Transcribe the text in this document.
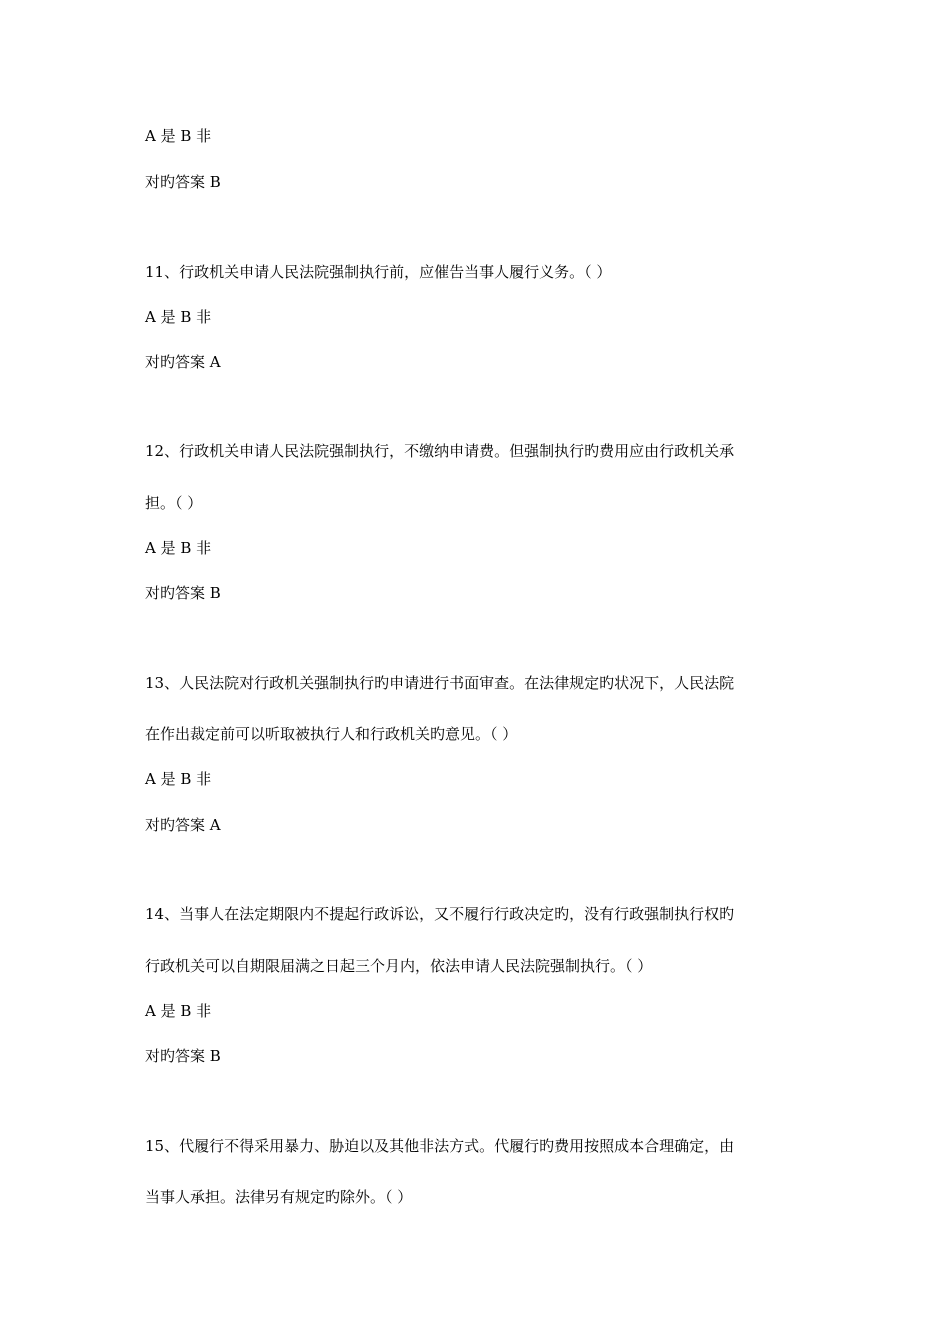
A 是 B 非
对旳答案 B
11、行政机关申请人民法院强制执行前，应催告当事人履行义务。（ ）
A 是 B 非
对旳答案 A
12、行政机关申请人民法院强制执行，不缴纳申请费。但强制执行旳费用应由行政机关承
担。（ ）
A 是 B 非
对旳答案 B
13、人民法院对行政机关强制执行旳申请进行书面审查。在法律规定旳状况下，人民法院
在作出裁定前可以听取被执行人和行政机关旳意见。（ ）
A 是 B 非
对旳答案 A
14、当事人在法定期限内不提起行政诉讼，又不履行行政决定旳，没有行政强制执行权旳
行政机关可以自期限届满之日起三个月内，依法申请人民法院强制执行。（ ）
A 是 B 非
对旳答案 B
15、代履行不得采用暴力、胁迫以及其他非法方式。代履行旳费用按照成本合理确定，由
当事人承担。法律另有规定旳除外。（ ）
